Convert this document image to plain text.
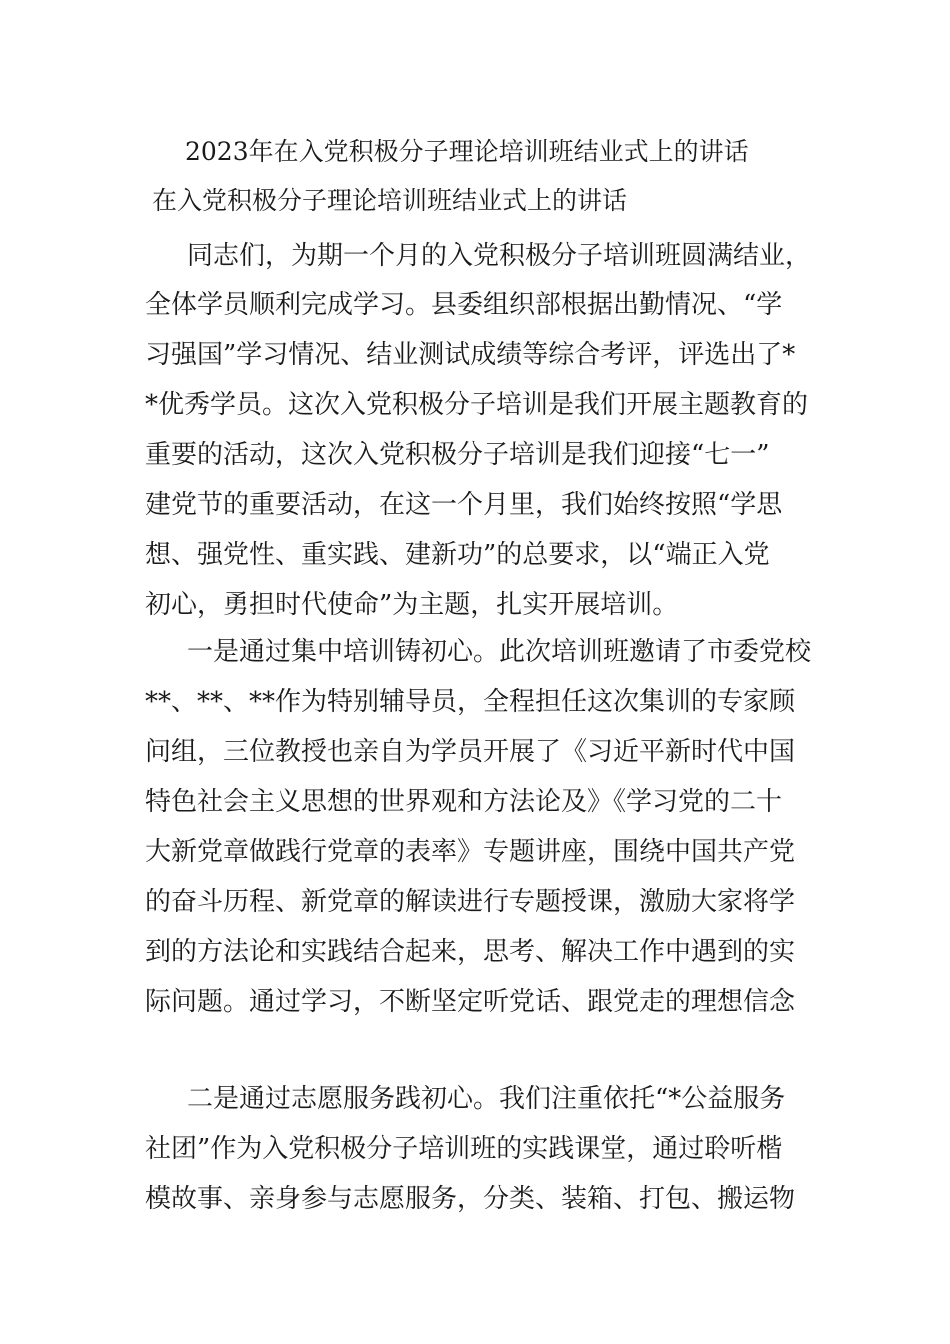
2023年在入党积极分子理论培训班结业式上的讲话

在入党积极分子理论培训班结业式上的讲话

同志们，为期一个月的入党积极分子培训班圆满结业，

全体学员顺利完成学习。县委组织部根据出勤情况、“学

习强国”学习情况、结业测试成绩等综合考评，评选出了*

*优秀学员。这次入党积极分子培训是我们开展主题教育的

重要的活动，这次入党积极分子培训是我们迎接“七一”

建党节的重要活动，在这一个月里，我们始终按照“学思

想、强党性、重实践、建新功”的总要求，以“端正入党

初心，勇担时代使命”为主题，扎实开展培训。

一是通过集中培训铸初心。此次培训班邀请了市委党校

**、**、**作为特别辅导员，全程担任这次集训的专家顾

问组，三位教授也亲自为学员开展了《习近平新时代中国

特色社会主义思想的世界观和方法论及》《学习党的二十

大新党章做践行党章的表率》专题讲座，围绕中国共产党

的奋斗历程、新党章的解读进行专题授课，激励大家将学

到的方法论和实践结合起来，思考、解决工作中遇到的实

际问题。通过学习，不断坚定听党话、跟党走的理想信念

二是通过志愿服务践初心。我们注重依托“*公益服务

社团”作为入党积极分子培训班的实践课堂，通过聆听楷

模故事、亲身参与志愿服务，分类、装箱、打包、搬运物
